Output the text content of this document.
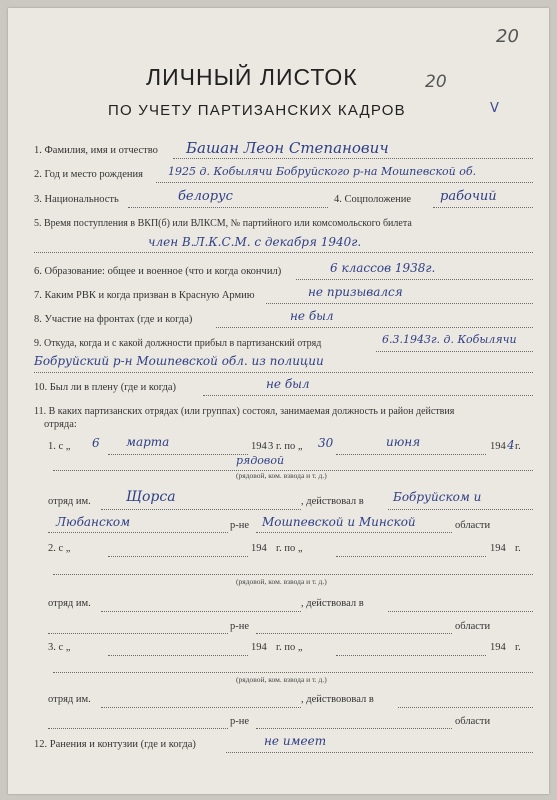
20
ЛИЧНЫЙ ЛИСТОК	20
ПО УЧЕТУ ПАРТИЗАНСКИХ КАДРОВ	V
1. Фамилия, имя и отчество Башан Леон Степанович
2. Год и место рождения 1925 д. Кобылячи Бобруйского р-на Мошпевской об.
3. Национальность	белорус	4. Соцположение рабочий
5. Время поступления в ВКП(б) или ВЛКСМ, № партийного или комсомольского билета
член В.Л.К.С.М. с декабря 1940г.
6. Образование: общее и военное (что и когда окончил)	6 классов 1938г.
7. Каким РВК и когда призван в Красную Армию	не призывался
8. Участие на фронтах (где и когда)	не был
9. Откуда, когда и с какой должности прибыл в партизанский отряд	6.3.1943г. д. Кобылячи
Бобруйский р-н Мошпевской обл. из полиции
10. Был ли в плену (где и когда)	не был
11. В каких партизанских отрядах (или группах) состоял, занимаемая должность и район действия
отряда:
1. с „ 6 марта	194 3 г. по „ 30	июня	194 4 г.
рядовой
(рядовой, ком. взвода и т. д.)
отряд им.	Щорса	, действовал в Бобруйском и
Любанском	р-не Мошпевской и Минской	области
2. с „	194 г. по „	194 г.
(рядовой, ком. взвода и т. д.)
отряд им.	, действовал в
р-не	области
3. с „	194 г. по „	194 г.
(рядовой, ком. взвода и т. д.)
отряд им.	, действововал в
р-не	области
12. Ранения и контузии (где и когда)	не имеет
